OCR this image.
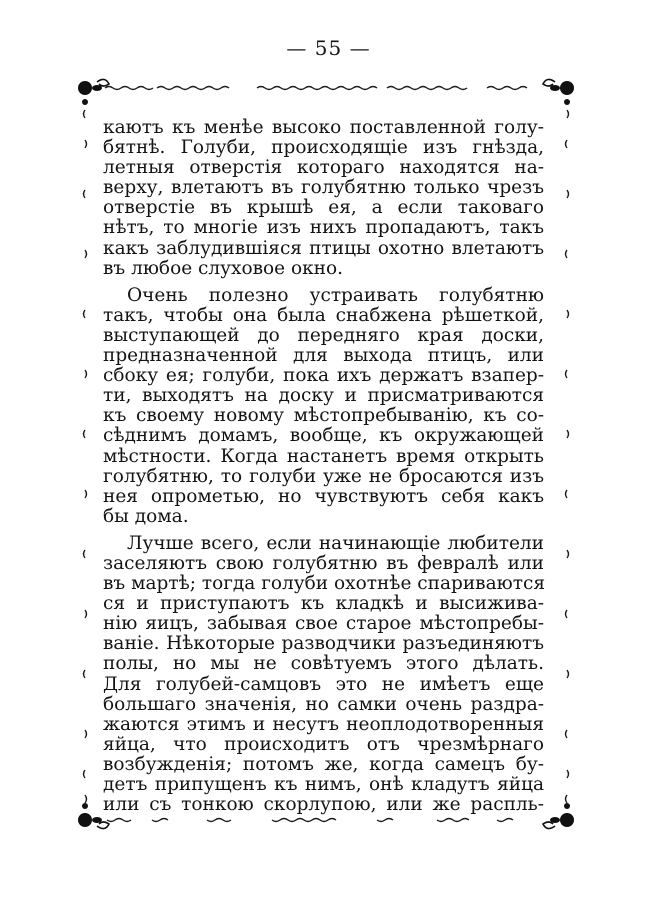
— 55 —
каютъ къ менѣе высоко поставленной голу-
бятнѣ. Голуби, происходящіе изъ гнѣзда,
летныя отверстія котораго находятся на-
верху, влетаютъ въ голубятню только чрезъ
отверстіе въ крышѣ ея, а если таковаго
нѣтъ, то многіе изъ нихъ пропадаютъ, такъ
какъ заблудившіяся птицы охотно влетаютъ
въ любое слуховое окно.
Очень полезно устраивать голубятню
такъ, чтобы она была снабжена рѣшеткой,
выступающей до передняго края доски,
предназначенной для выхода птицъ, или
сбоку ея; голуби, пока ихъ держатъ взапер-
ти, выходятъ на доску и присматриваются
къ своему новому мѣстопребыванію, къ со-
сѣднимъ домамъ, вообще, къ окружающей
мѣстности. Когда настанетъ время открыть
голубятню, то голуби уже не бросаются изъ
нея опрометью, но чувствуютъ себя какъ
бы дома.
Лучше всего, если начинающіе любители
заселяютъ свою голубятню въ февралѣ или
въ мартѣ; тогда голуби охотнѣе спариваются
ся и приступаютъ къ кладкѣ и высижива-
нію яицъ, забывая свое старое мѣстопребы-
ваніе. Нѣкоторые разводчики разъединяютъ
полы, но мы не совѣтуемъ этого дѣлать.
Для голубей-самцовъ это не имѣетъ еще
большаго значенія, но самки очень раздра-
жаются этимъ и несутъ неоплодотворенныя
яйца, что происходитъ отъ чрезмѣрнаго
возбужденія; потомъ же, когда самецъ бу-
детъ припущенъ къ нимъ, онѣ кладутъ яйца
или съ тонкою скорлупою, или же распль-
